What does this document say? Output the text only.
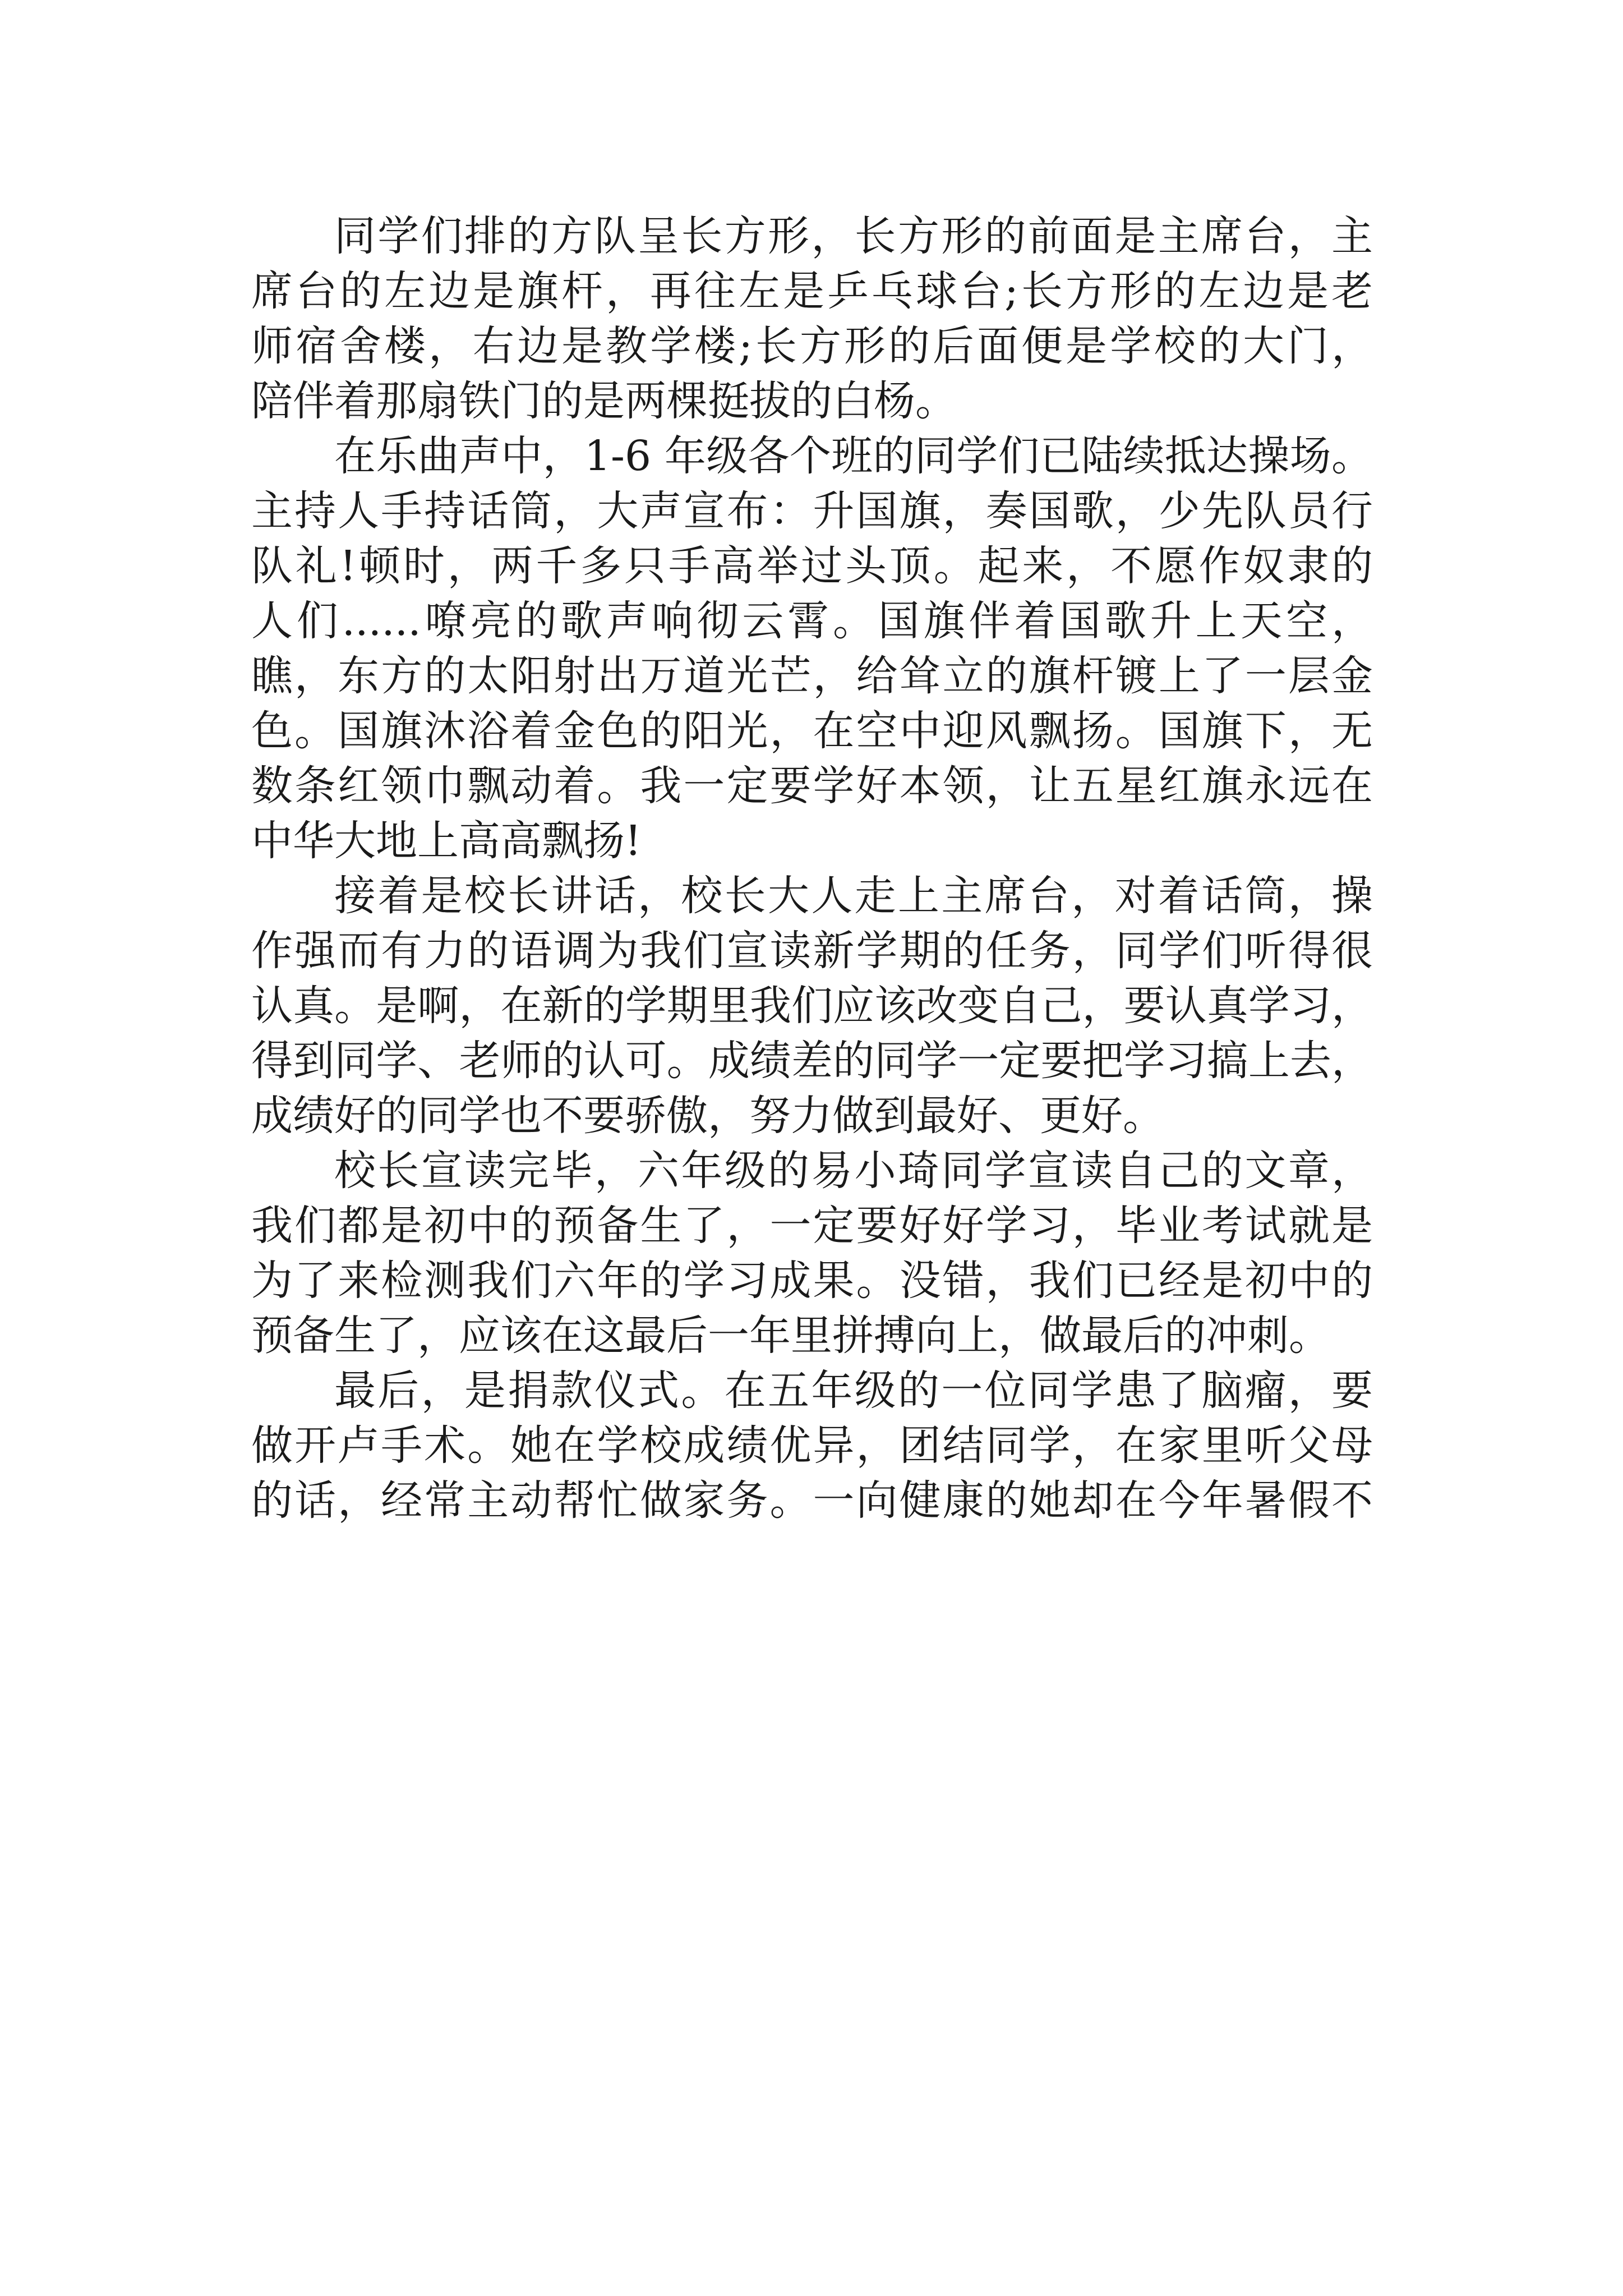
同学们排的方队呈长方形，长方形的前面是主席台，主
席台的左边是旗杆，再往左是乒乓球台;长方形的左边是老
师宿舍楼，右边是教学楼;长方形的后面便是学校的大门，
陪伴着那扇铁门的是两棵挺拔的白杨。
在乐曲声中，1-6 年级各个班的同学们已陆续抵达操场。
主持人手持话筒，大声宣布：升国旗，奏国歌，少先队员行
队礼!顿时，两千多只手高举过头顶。起来，不愿作奴隶的
人们......嘹亮的歌声响彻云霄。国旗伴着国歌升上天空，
瞧，东方的太阳射出万道光芒，给耸立的旗杆镀上了一层金
色。国旗沐浴着金色的阳光，在空中迎风飘扬。国旗下，无
数条红领巾飘动着。我一定要学好本领，让五星红旗永远在
中华大地上高高飘扬!
接着是校长讲话，校长大人走上主席台，对着话筒，操
作强而有力的语调为我们宣读新学期的任务，同学们听得很
认真。是啊，在新的学期里我们应该改变自己，要认真学习，
得到同学、老师的认可。成绩差的同学一定要把学习搞上去，
成绩好的同学也不要骄傲，努力做到最好、更好。
校长宣读完毕，六年级的易小琦同学宣读自己的文章，
我们都是初中的预备生了，一定要好好学习，毕业考试就是
为了来检测我们六年的学习成果。没错，我们已经是初中的
预备生了，应该在这最后一年里拼搏向上，做最后的冲刺。
最后，是捐款仪式。在五年级的一位同学患了脑瘤，要
做开卢手术。她在学校成绩优异，团结同学，在家里听父母
的话，经常主动帮忙做家务。一向健康的她却在今年暑假不
